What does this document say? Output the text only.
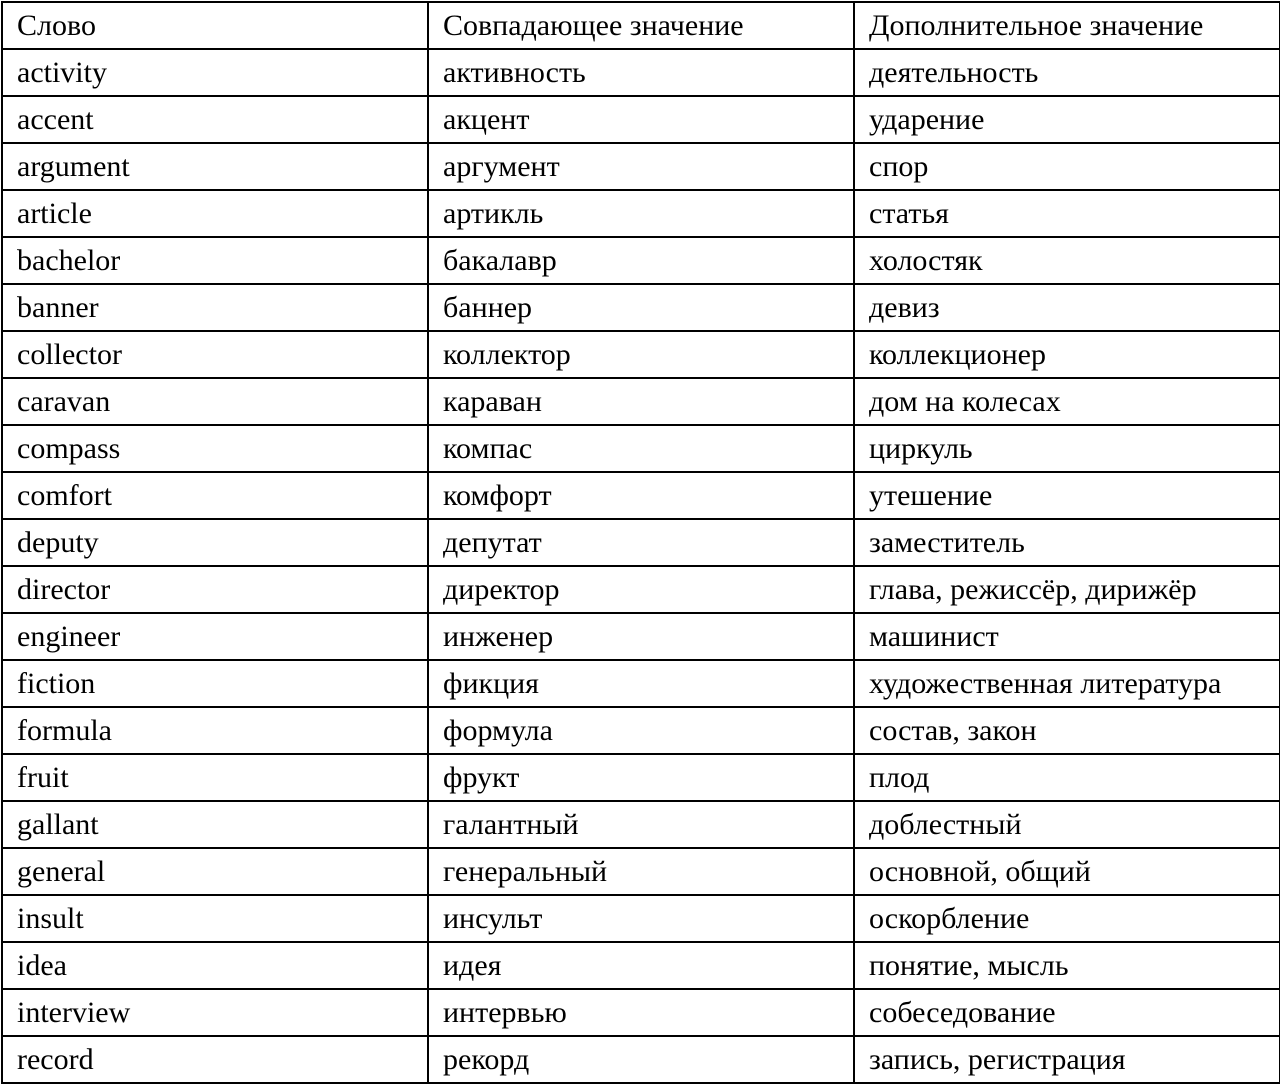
Слово	Совпадающее значение	Дополнительное значение
activity	активность	деятельность
accent	акцент	ударение
argument	аргумент	спор
article	артикль	статья
bachelor	бакалавр	холостяк
banner	баннер	девиз
collector	коллектор	коллекционер
caravan	караван	дом на колесах
compass	компас	циркуль
comfort	комфорт	утешение
deputy	депутат	заместитель
director	директор	глава, режиссёр, дирижёр
engineer	инженер	машинист
fiction	фикция	художественная литература
formula	формула	состав, закон
fruit	фрукт	плод
gallant	галантный	доблестный
general	генеральный	основной, общий
insult	инсульт	оскорбление
idea	идея	понятие, мысль
interview	интервью	собеседование
record	рекорд	запись, регистрация
